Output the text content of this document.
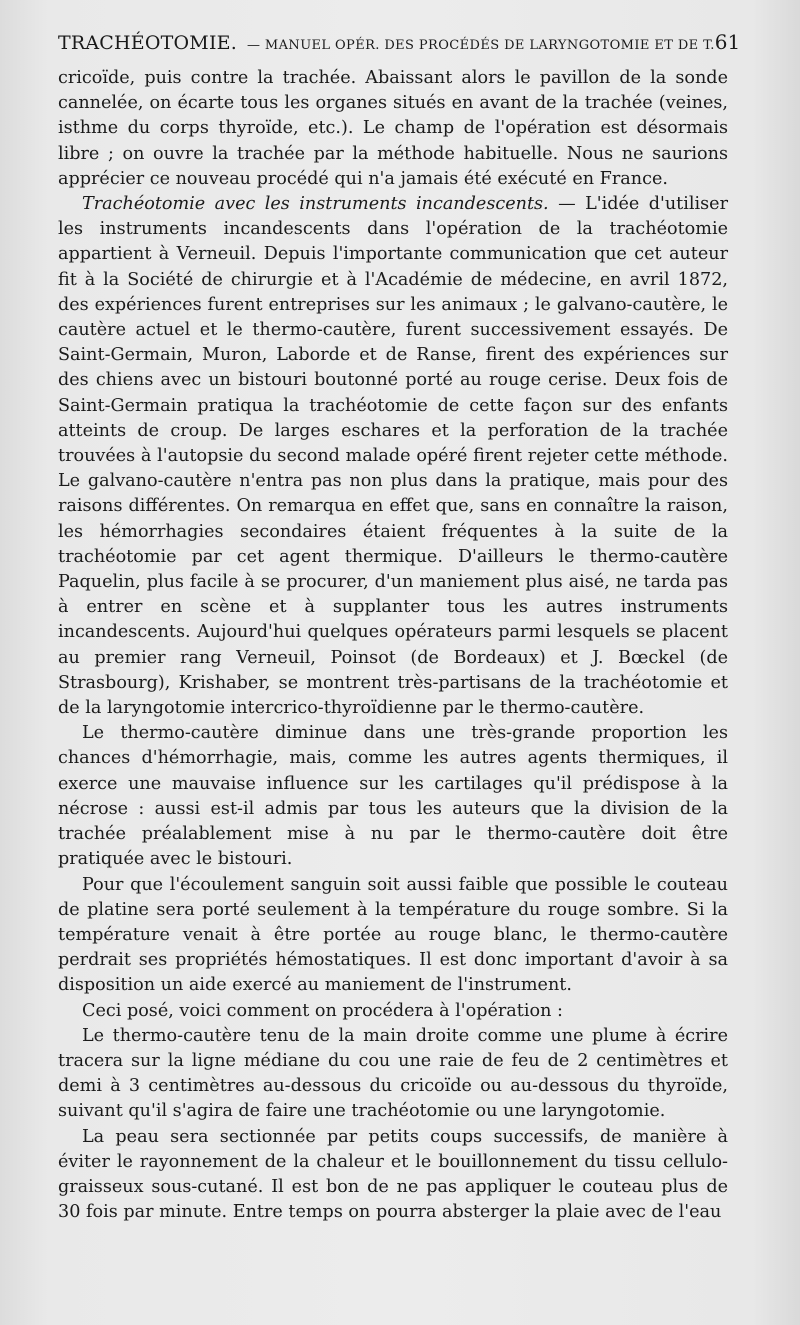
TRACHÉOTOMIE. — MANUEL OPÉR. DES PROCÉDÉS DE LARYNGOTOMIE ET DE T. 61

cricoïde, puis contre la trachée. Abaissant alors le pavillon de la sonde cannelée, on écarte tous les organes situés en avant de la trachée (veines, isthme du corps thyroïde, etc.). Le champ de l'opération est désormais libre ; on ouvre la trachée par la méthode habituelle. Nous ne saurions apprécier ce nouveau procédé qui n'a jamais été exécuté en France.

Trachéotomie avec les instruments incandescents. — L'idée d'utiliser les instruments incandescents dans l'opération de la trachéotomie appartient à Verneuil. Depuis l'importante communication que cet auteur fit à la Société de chirurgie et à l'Académie de médecine, en avril 1872, des expériences furent entreprises sur les animaux ; le galvano-cautère, le cautère actuel et le thermo-cautère, furent successivement essayés. De Saint-Germain, Muron, Laborde et de Ranse, firent des expériences sur des chiens avec un bistouri boutonné porté au rouge cerise. Deux fois de Saint-Germain pratiqua la trachéotomie de cette façon sur des enfants atteints de croup. De larges eschares et la perforation de la trachée trouvées à l'autopsie du second malade opéré firent rejeter cette méthode. Le galvano-cautère n'entra pas non plus dans la pratique, mais pour des raisons différentes. On remarqua en effet que, sans en connaître la raison, les hémorrhagies secondaires étaient fréquentes à la suite de la trachéotomie par cet agent thermique. D'ailleurs le thermo-cautère Paquelin, plus facile à se procurer, d'un maniement plus aisé, ne tarda pas à entrer en scène et à supplanter tous les autres instruments incandescents. Aujourd'hui quelques opérateurs parmi lesquels se placent au premier rang Verneuil, Poinsot (de Bordeaux) et J. Bœckel (de Strasbourg), Krishaber, se montrent très-partisans de la trachéotomie et de la laryngotomie intercrico-thyroïdienne par le thermo-cautère.

Le thermo-cautère diminue dans une très-grande proportion les chances d'hémorrhagie, mais, comme les autres agents thermiques, il exerce une mauvaise influence sur les cartilages qu'il prédispose à la nécrose : aussi est-il admis par tous les auteurs que la division de la trachée préalablement mise à nu par le thermo-cautère doit être pratiquée avec le bistouri.

Pour que l'écoulement sanguin soit aussi faible que possible le couteau de platine sera porté seulement à la température du rouge sombre. Si la température venait à être portée au rouge blanc, le thermo-cautère perdrait ses propriétés hémostatiques. Il est donc important d'avoir à sa disposition un aide exercé au maniement de l'instrument.

Ceci posé, voici comment on procédera à l'opération :

Le thermo-cautère tenu de la main droite comme une plume à écrire tracera sur la ligne médiane du cou une raie de feu de 2 centimètres et demi à 3 centimètres au-dessous du cricoïde ou au-dessous du thyroïde, suivant qu'il s'agira de faire une trachéotomie ou une laryngotomie.

La peau sera sectionnée par petits coups successifs, de manière à éviter le rayonnement de la chaleur et le bouillonnement du tissu cellulo-graisseux sous-cutané. Il est bon de ne pas appliquer le couteau plus de 30 fois par minute. Entre temps on pourra absterger la plaie avec de l'eau
